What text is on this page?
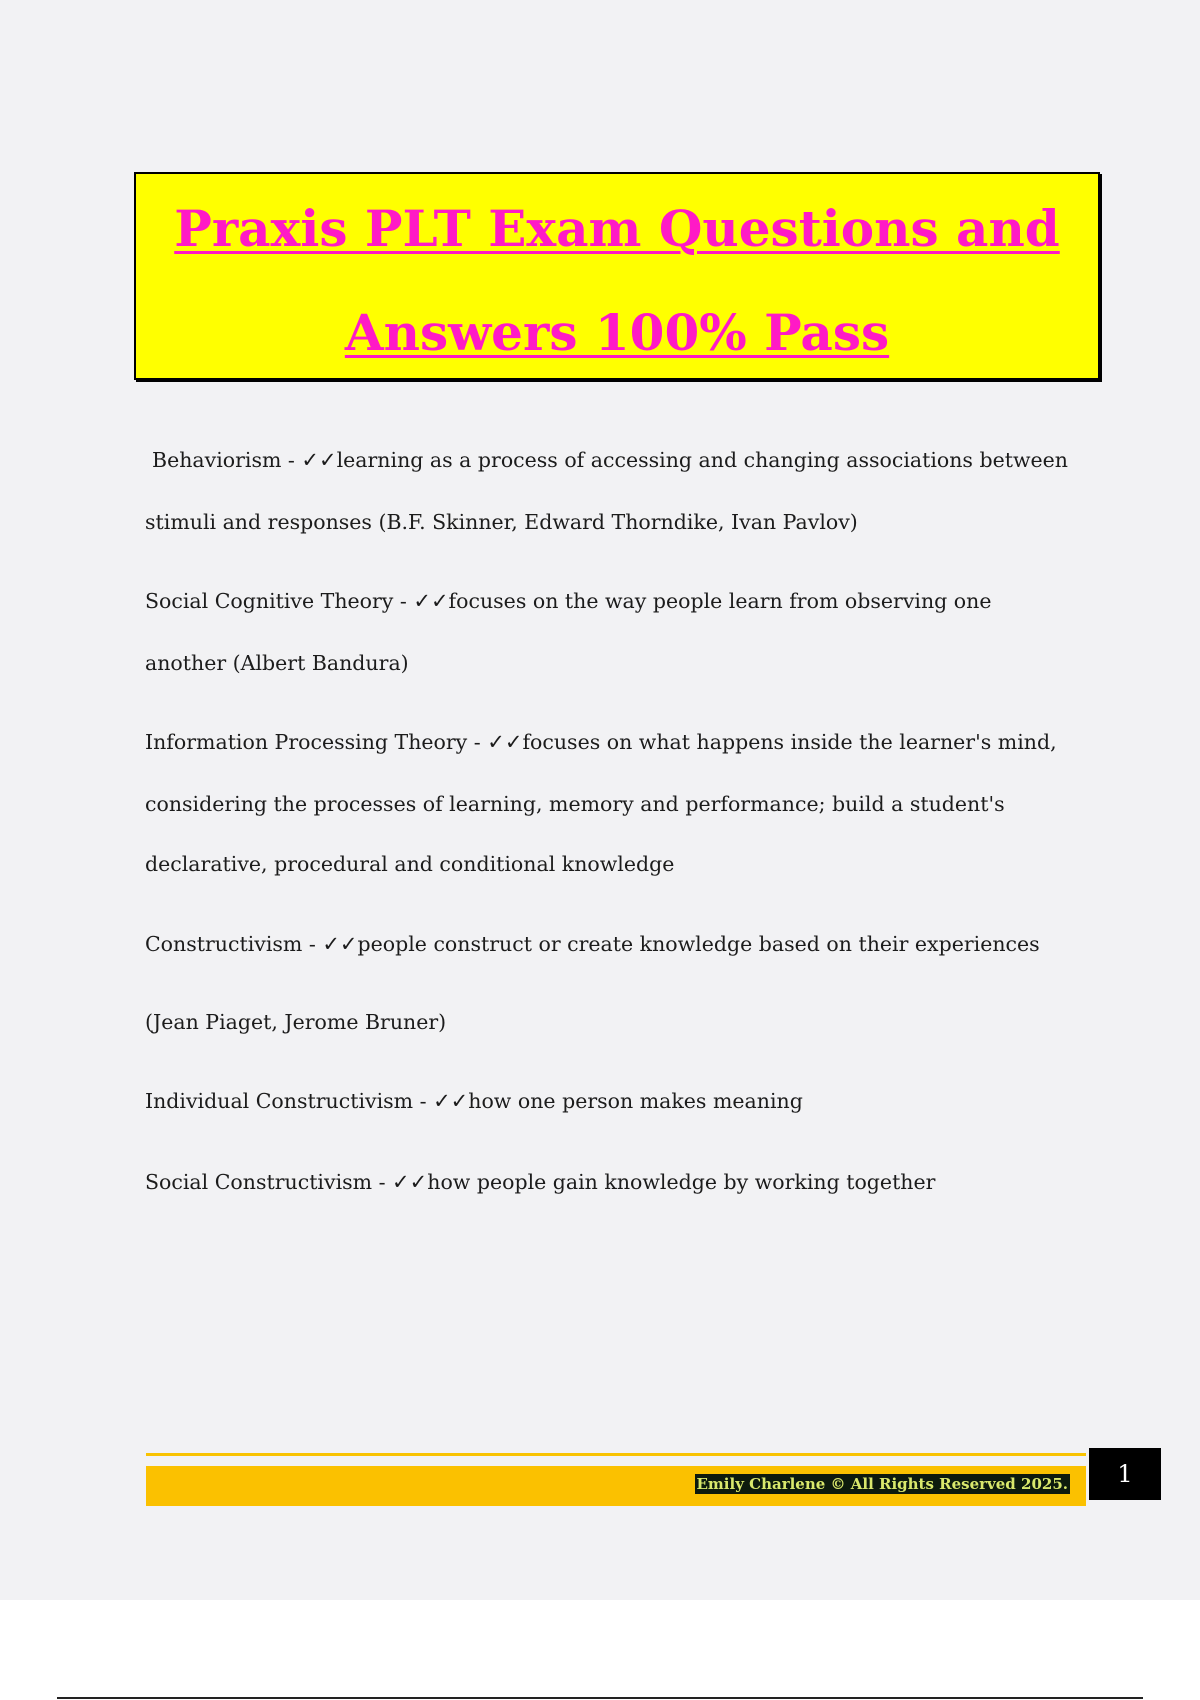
Praxis PLT Exam Questions and
Answers 100% Pass

Behaviorism - ✓✓learning as a process of accessing and changing associations between

stimuli and responses (B.F. Skinner, Edward Thorndike, Ivan Pavlov)

Social Cognitive Theory - ✓✓focuses on the way people learn from observing one

another (Albert Bandura)

Information Processing Theory - ✓✓focuses on what happens inside the learner's mind,

considering the processes of learning, memory and performance; build a student's

declarative, procedural and conditional knowledge

Constructivism - ✓✓people construct or create knowledge based on their experiences

(Jean Piaget, Jerome Bruner)

Individual Constructivism - ✓✓how one person makes meaning

Social Constructivism - ✓✓how people gain knowledge by working together

Emily Charlene © All Rights Reserved 2025.	1
